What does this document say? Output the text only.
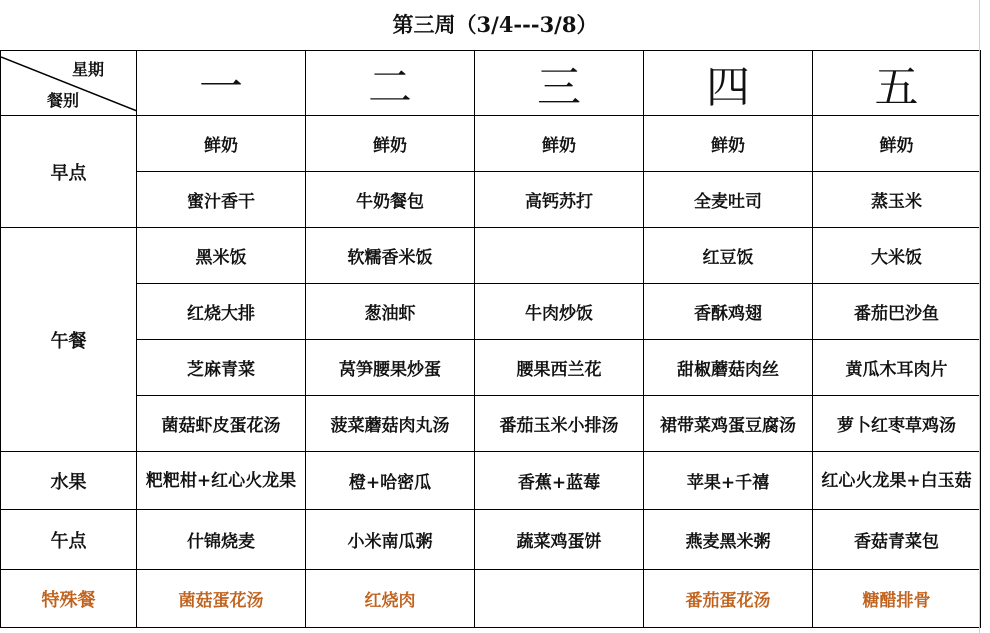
第三周（3/4---3/8）
星期
餐别	一	二	三	四	五
早点	鲜奶	鲜奶	鲜奶	鲜奶	鲜奶
	蜜汁香干	牛奶餐包	高钙苏打	全麦吐司	蒸玉米
午餐	黑米饭	软糯香米饭		红豆饭	大米饭
	红烧大排	葱油虾	牛肉炒饭	香酥鸡翅	番茄巴沙鱼
	芝麻青菜	莴笋腰果炒蛋	腰果西兰花	甜椒蘑菇肉丝	黄瓜木耳肉片
	菌菇虾皮蛋花汤	菠菜蘑菇肉丸汤	番茄玉米小排汤	裙带菜鸡蛋豆腐汤	萝卜红枣草鸡汤
水果	粑粑柑+红心火龙果	橙+哈密瓜	香蕉+蓝莓	苹果+千禧	红心火龙果+白玉菇
午点	什锦烧麦	小米南瓜粥	蔬菜鸡蛋饼	燕麦黑米粥	香菇青菜包
特殊餐	菌菇蛋花汤	红烧肉		番茄蛋花汤	糖醋排骨
